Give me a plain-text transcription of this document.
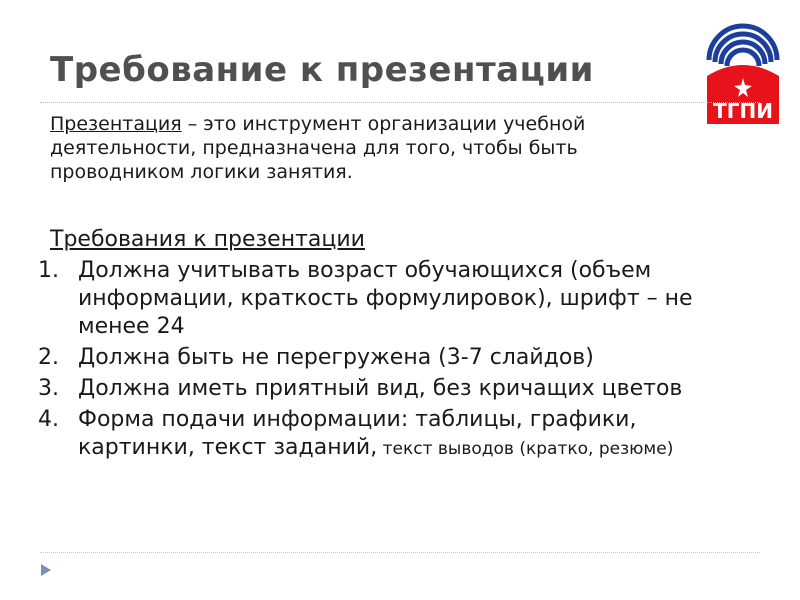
Требование к презентации
ТГПИ
Презентация – это инструмент организации учебной деятельности, предназначена для того, чтобы быть проводником логики занятия.
Требования к презентации
1. Должна учитывать возраст обучающихся (объем информации, краткость формулировок), шрифт – не менее 24
2. Должна быть не перегружена (3-7 слайдов)
3. Должна иметь приятный вид, без кричащих цветов
4. Форма подачи информации: таблицы, графики, картинки, текст заданий, текст выводов (кратко, резюме)
